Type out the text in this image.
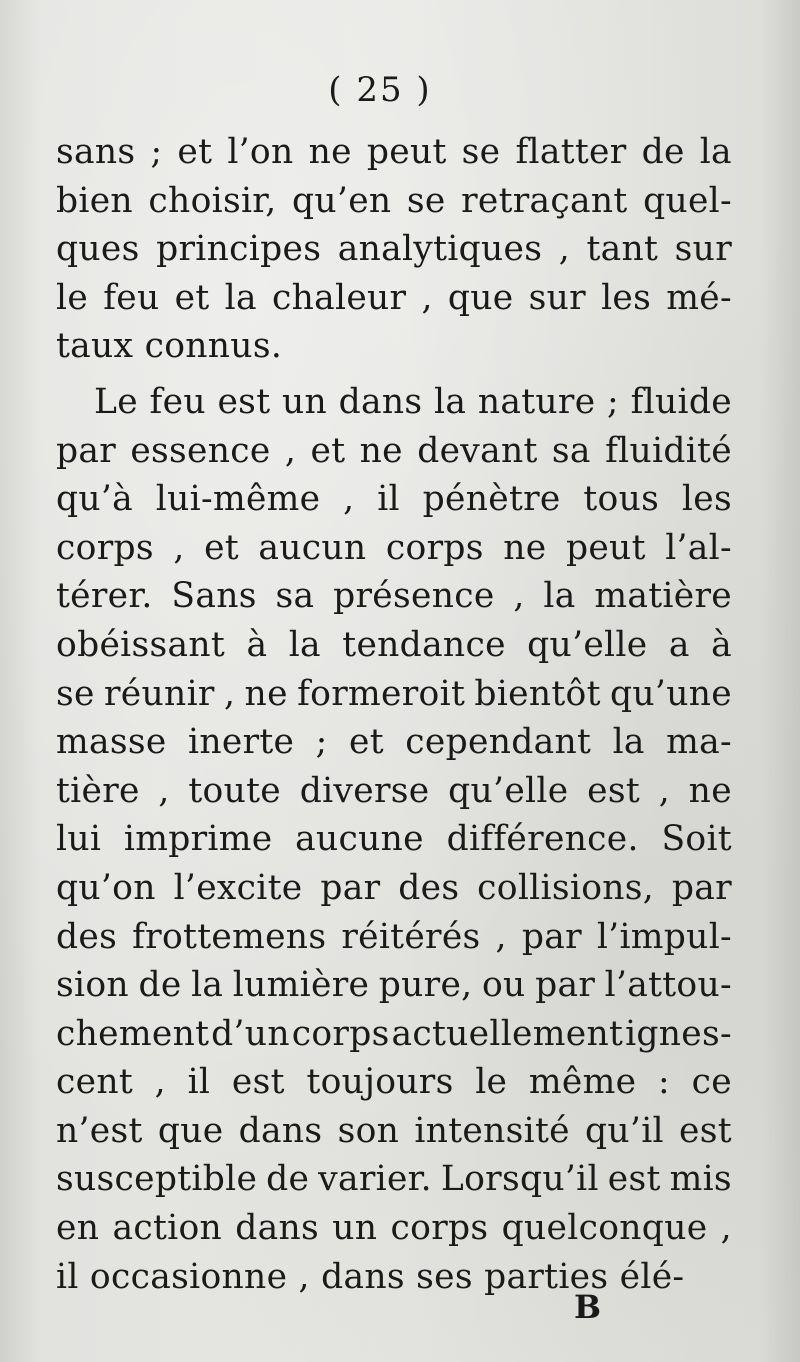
( 25 )
sans ; et l’on ne peut se flatter de la
bien choisir, qu’en se retraçant quel-
ques principes analytiques , tant sur
le feu et la chaleur , que sur les mé-
taux connus.
Le feu est un dans la nature ; fluide
par essence , et ne devant sa fluidité
qu’à lui-même , il pénètre tous les
corps , et aucun corps ne peut l’al-
térer. Sans sa présence , la matière
obéissant à la tendance qu’elle a à
se réunir , ne formeroit bientôt qu’une
masse inerte ; et cependant la ma-
tière , toute diverse qu’elle est , ne
lui imprime aucune différence. Soit
qu’on l’excite par des collisions, par
des frottemens réitérés , par l’impul-
sion de la lumière pure, ou par l’attou-
chement d’un corps actuellement ignes-
cent , il est toujours le même : ce
n’est que dans son intensité qu’il est
susceptible de varier. Lorsqu’il est mis
en action dans un corps quelconque ,
il occasionne , dans ses parties élé-
B
